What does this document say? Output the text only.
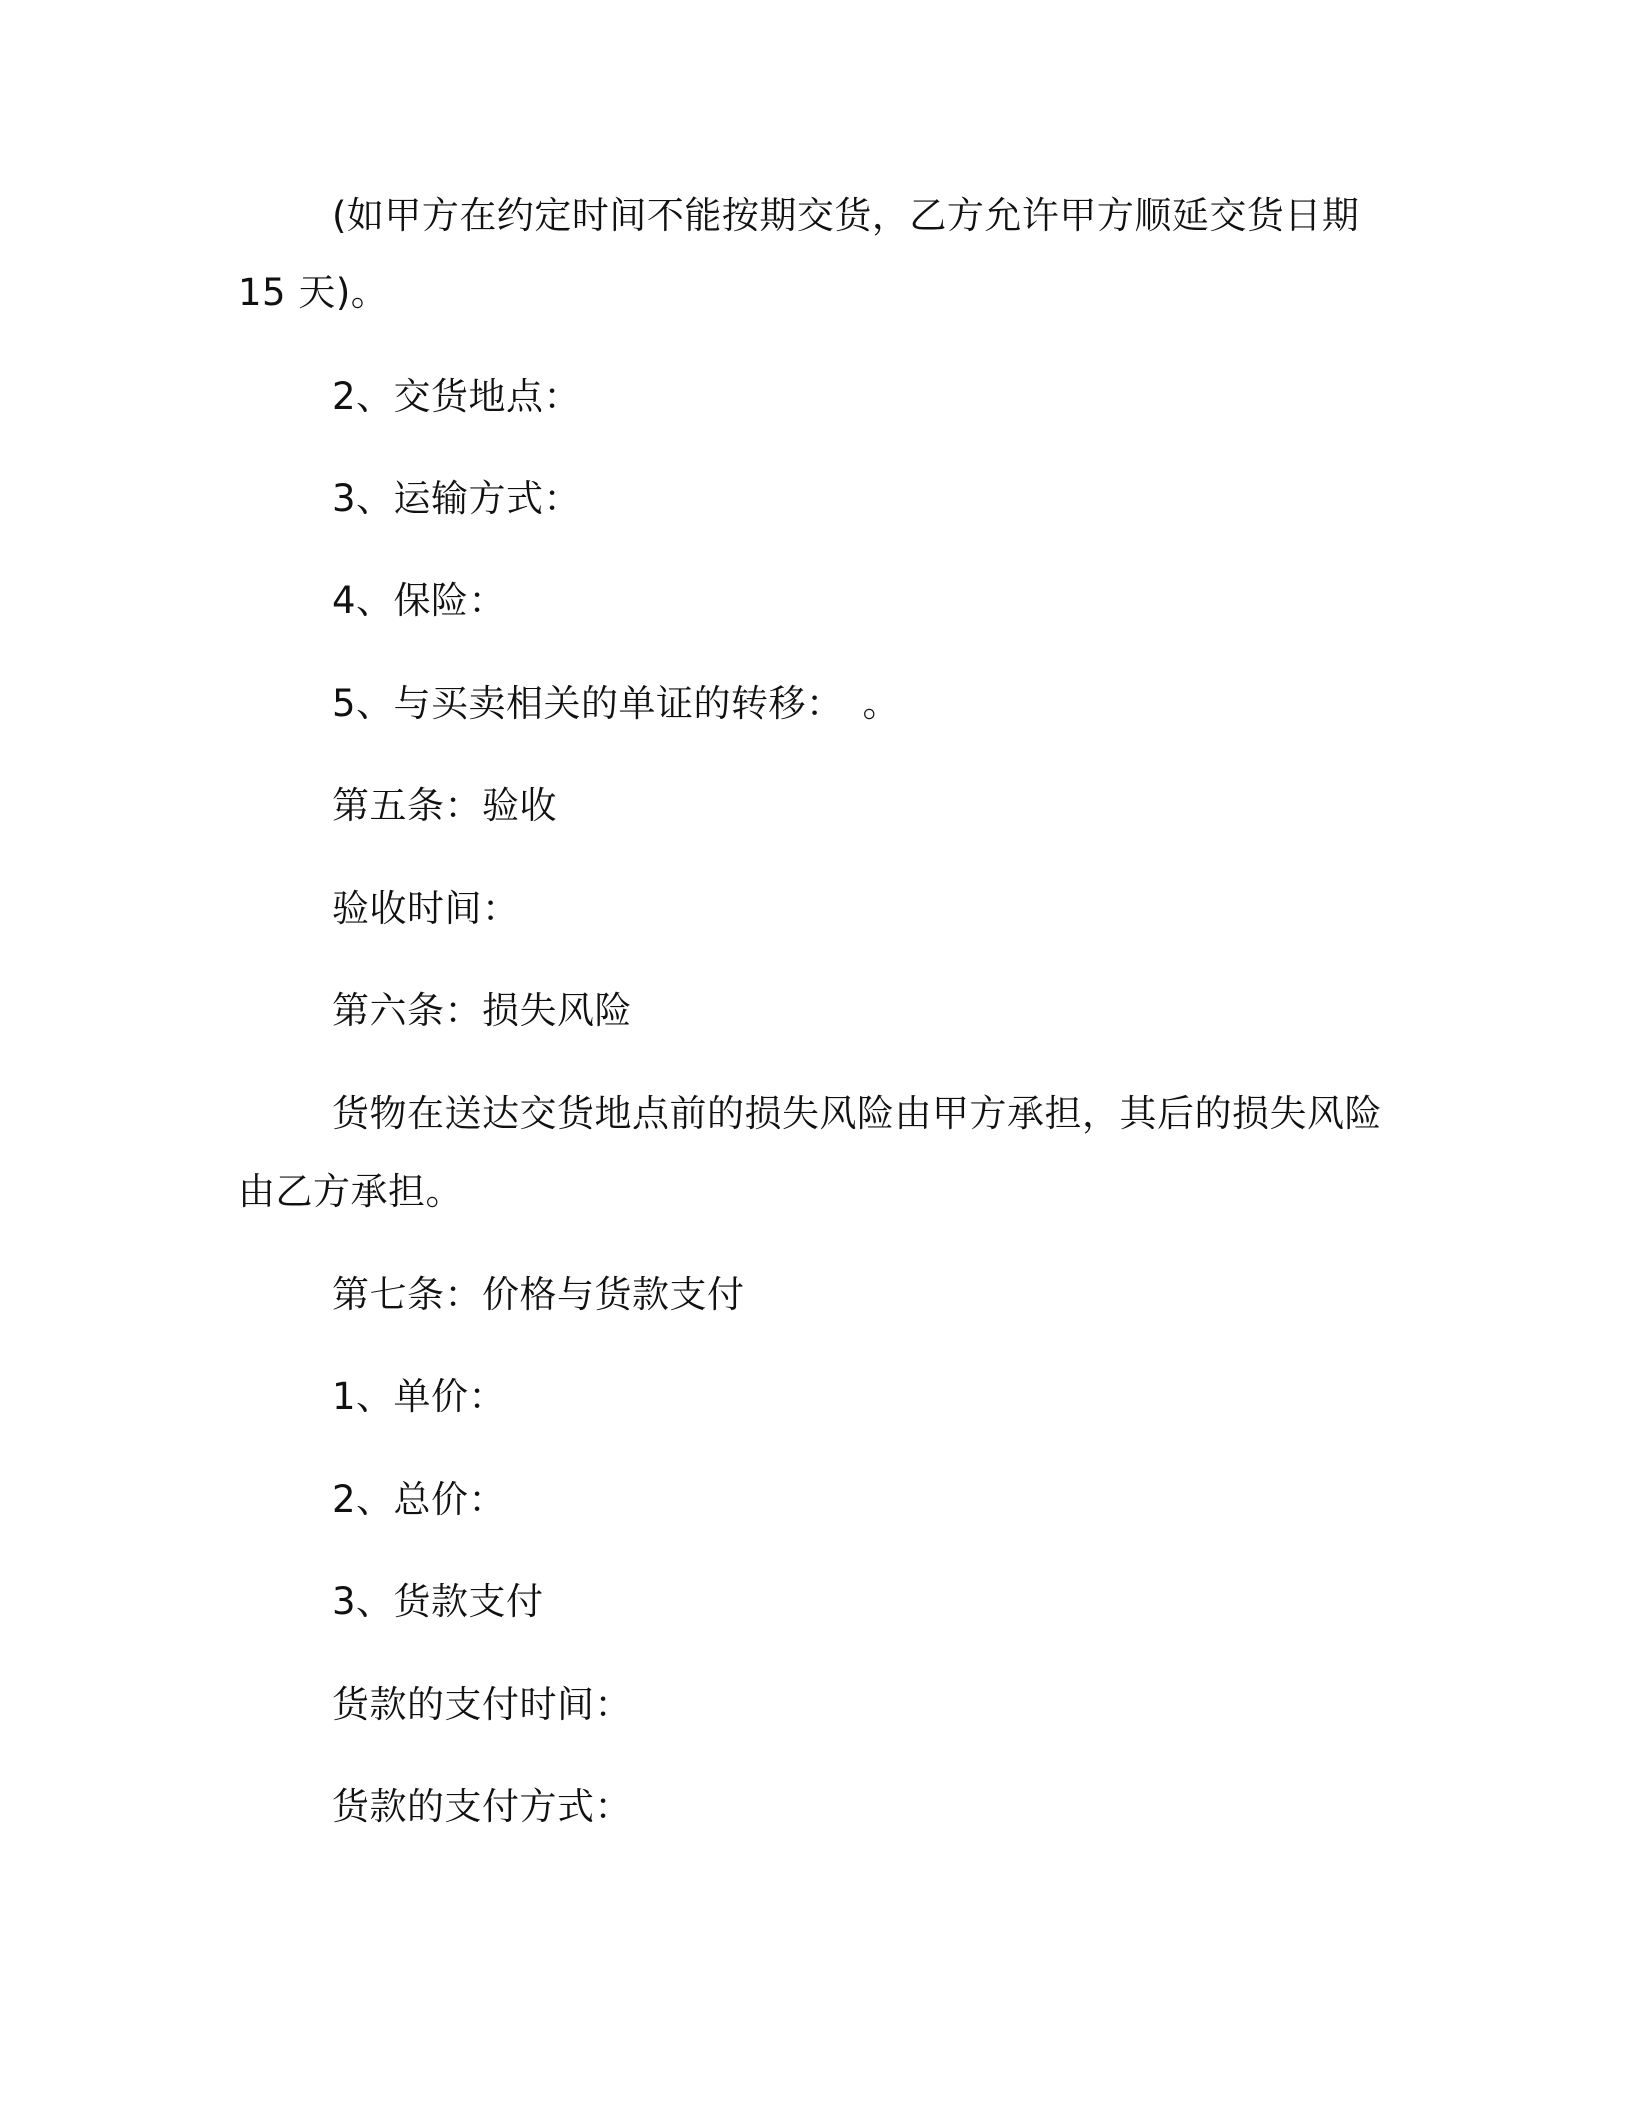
(如甲方在约定时间不能按期交货，乙方允许甲方顺延交货日期
15 天)。
2、交货地点：
3、运输方式：
4、保险：
5、与买卖相关的单证的转移：　。
第五条：验收
验收时间：
第六条：损失风险
货物在送达交货地点前的损失风险由甲方承担，其后的损失风险
由乙方承担。
第七条：价格与货款支付
1、单价：
2、总价：
3、货款支付
货款的支付时间：
货款的支付方式：
